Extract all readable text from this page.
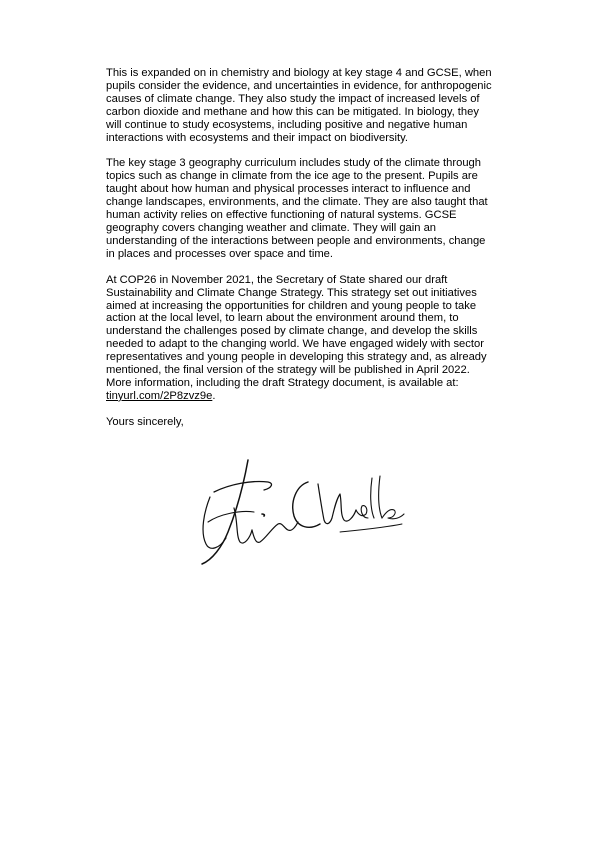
This is expanded on in chemistry and biology at key stage 4 and GCSE, when
pupils consider the evidence, and uncertainties in evidence, for anthropogenic
causes of climate change. They also study the impact of increased levels of
carbon dioxide and methane and how this can be mitigated. In biology, they
will continue to study ecosystems, including positive and negative human
interactions with ecosystems and their impact on biodiversity.

The key stage 3 geography curriculum includes study of the climate through
topics such as change in climate from the ice age to the present. Pupils are
taught about how human and physical processes interact to influence and
change landscapes, environments, and the climate. They are also taught that
human activity relies on effective functioning of natural systems. GCSE
geography covers changing weather and climate. They will gain an
understanding of the interactions between people and environments, change
in places and processes over space and time.

At COP26 in November 2021, the Secretary of State shared our draft
Sustainability and Climate Change Strategy. This strategy set out initiatives
aimed at increasing the opportunities for children and young people to take
action at the local level, to learn about the environment around them, to
understand the challenges posed by climate change, and develop the skills
needed to adapt to the changing world. We have engaged widely with sector
representatives and young people in developing this strategy and, as already
mentioned, the final version of the strategy will be published in April 2022.
More information, including the draft Strategy document, is available at:
tinyurl.com/2P8zvz9e.

Yours sincerely,
